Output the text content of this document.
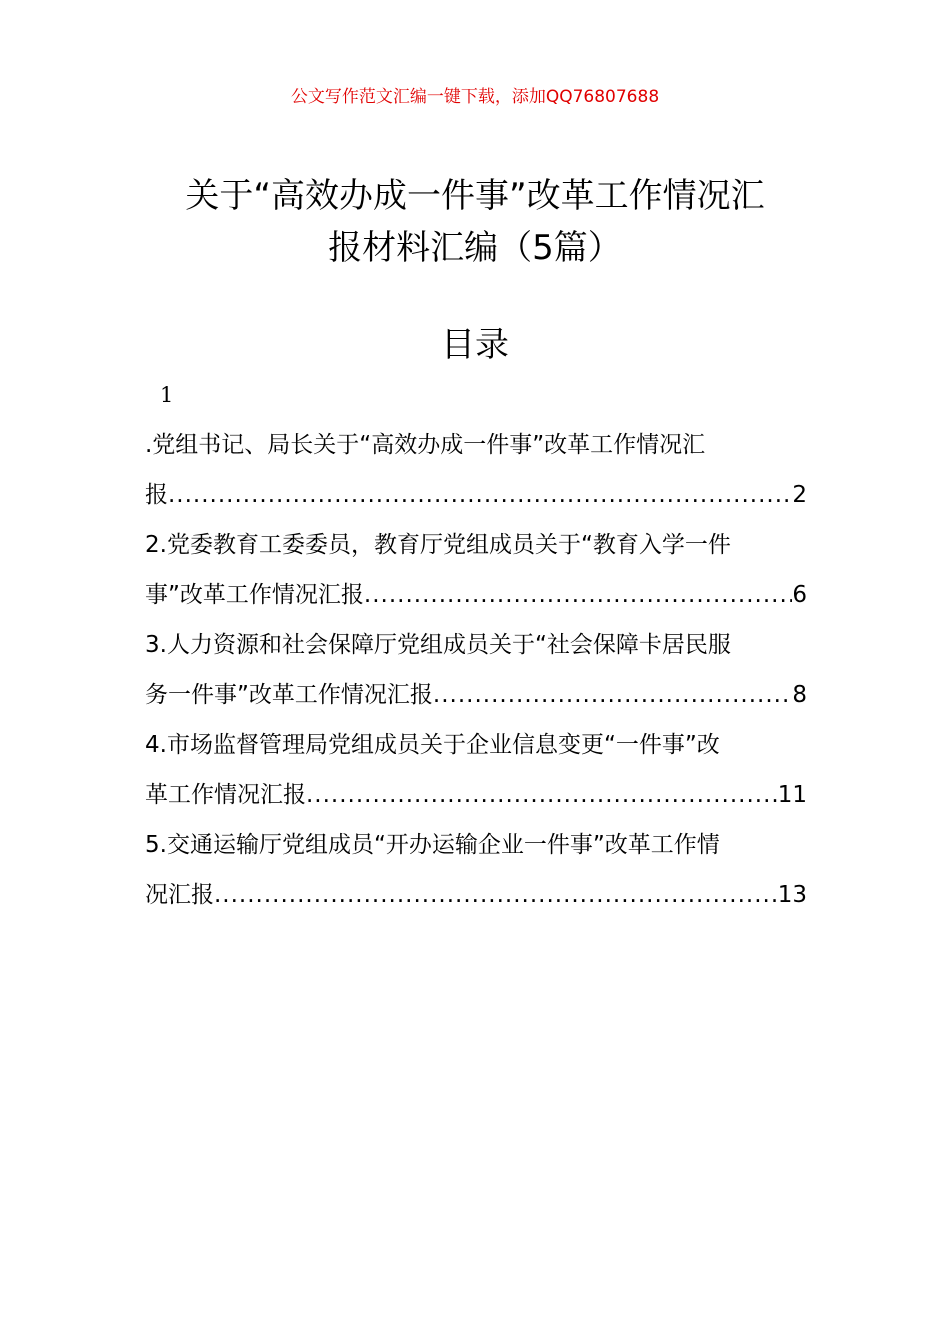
公文写作范文汇编一键下载，添加QQ76807688
关于“高效办成一件事”改革工作情况汇
报材料汇编（5篇）
目录
1
.党组书记、局长关于“高效办成一件事”改革工作情况汇
报 .....	2
2.党委教育工委委员，教育厅党组成员关于“教育入学一件
事”改革工作情况汇报 .....	6
3.人力资源和社会保障厅党组成员关于“社会保障卡居民服
务一件事”改革工作情况汇报 .....	8
4.市场监督管理局党组成员关于企业信息变更“一件事”改
革工作情况汇报 .....	11
5.交通运输厅党组成员“开办运输企业一件事”改革工作情
况汇报 .....	13
